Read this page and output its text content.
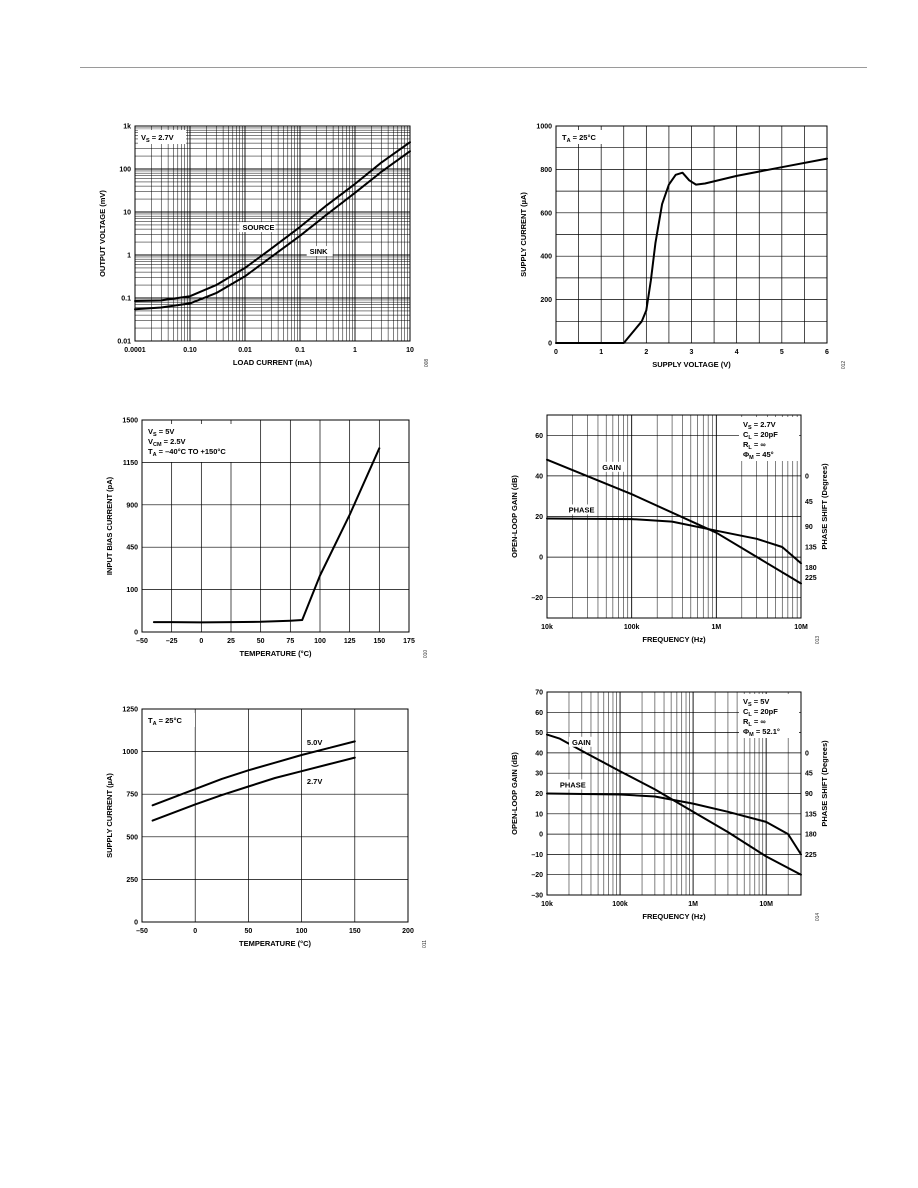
$V_S = 2.7V$
SOURCE
SINK
0.0001	0.10	0.01	0.1	1	10
0.01
0.1
1
10
100
1k
LOAD CURRENT (mA)
OUTPUT VOLTAGE (mV)
008
$T_A = 25^\circ C$
0	1	2	3	4	5	6
0
200
400
600
800
1000
SUPPLY VOLTAGE (V)
SUPPLY CURRENT (µA)
012
$V_S = 5V$
$V_{CM} = 2.5V$
$T_A = -40^\circ C$ TO +150°C
–50	–25	0	25	50	75	100	125	150	175
0
100
450
900
1150
1500
TEMPERATURE (°C)
INPUT BIAS CURRENT (pA)
010
$V_S = 2.7V$
$C_L = 20pF$
$R_L$ = ∞
$\Phi_M = 45^\circ$
GAIN
PHASE
10k	100k	1M	10M
–20
0
20
40
60
FREQUENCY (Hz)
OPEN-LOOP GAIN (dB)
013
0
45
90
135
180
225
PHASE SHIFT (Degrees)
$T_A = 25^\circ C$
5.0V
2.7V
–50	0	50	100	150	200
0
250
500
750
1000
1250
TEMPERATURE (°C)
SUPPLY CURRENT (µA)
011
$V_S = 5V$
$C_L = 20pF$
$R_L$ = ∞
$\Phi_M = 52.1^\circ$
GAIN
PHASE
10k	100k	1M	10M
–30
–20
–10
0
10
20
30
40
50
60
70
FREQUENCY (Hz)
OPEN-LOOP GAIN (dB)
014
0
45
90
135
180
225
PHASE SHIFT (Degrees)
